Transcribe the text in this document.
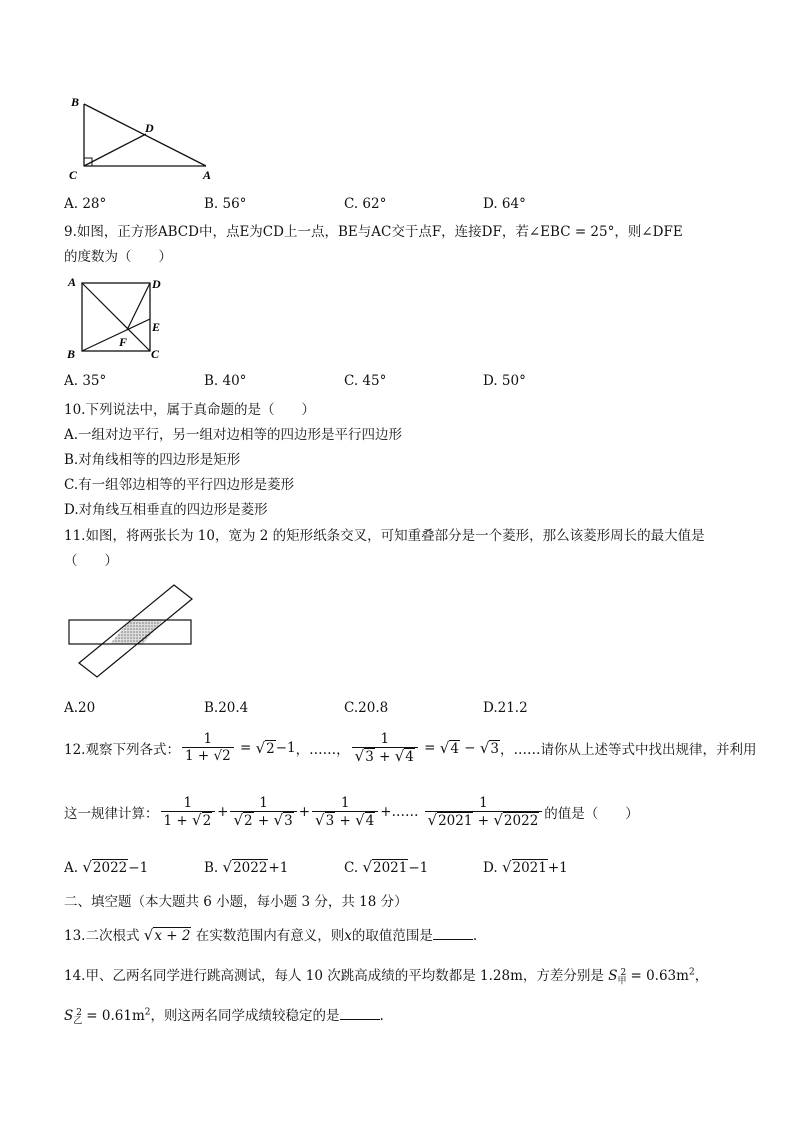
B
D
C	A
A. 28°	B. 56°	C. 62°	D. 64°
9.如图，正方形ABCD中，点E为CD上一点，BE与AC交于点F，连接DF，若∠EBC = 25°，则∠DFE
的度数为（　　）
A	D
E
F
B	C
A. 35°	B. 40°	C. 45°	D. 50°
10.下列说法中，属于真命题的是（　　）
A.一组对边平行，另一组对边相等的四边形是平行四边形
B.对角线相等的四边形是矩形
C.有一组邻边相等的平行四边形是菱形
D.对角线互相垂直的四边形是菱形
11.如图，将两张长为 10，宽为 2 的矩形纸条交叉，可知重叠部分是一个菱形，那么该菱形周长的最大值是
（　　）
A.20	B.20.4	C.20.8	D.21.2
12.观察下列各式： $\frac{1}{1 + √2} = √2 -1$ ，……， $\frac{1}{√3 + √4} = √4 - √3$ ，……请你从上述等式中找出规律，并利用
这一规律计算： $\frac{1}{1 + √2} + \frac{1}{√2 + √3} + \frac{1}{√3 + √4}$ +…… $\frac{1}{√2021 + √2022}$ 的值是（　　）
A. √2022−1	B. √2022+1	C. √2021−1	D. √2021+1
二、填空题（本大题共 6 小题，每小题 3 分，共 18 分）
13.二次根式 √x + 2 在实数范围内有意义，则x的取值范围是	.
14.甲、乙两名同学进行跳高测试，每人 10 次跳高成绩的平均数都是 1.28m，方差分别是 $S_甲^2 = 0.63m^2$，
$S_乙^2 = 0.61m^2$，则这两名同学成绩较稳定的是	.
